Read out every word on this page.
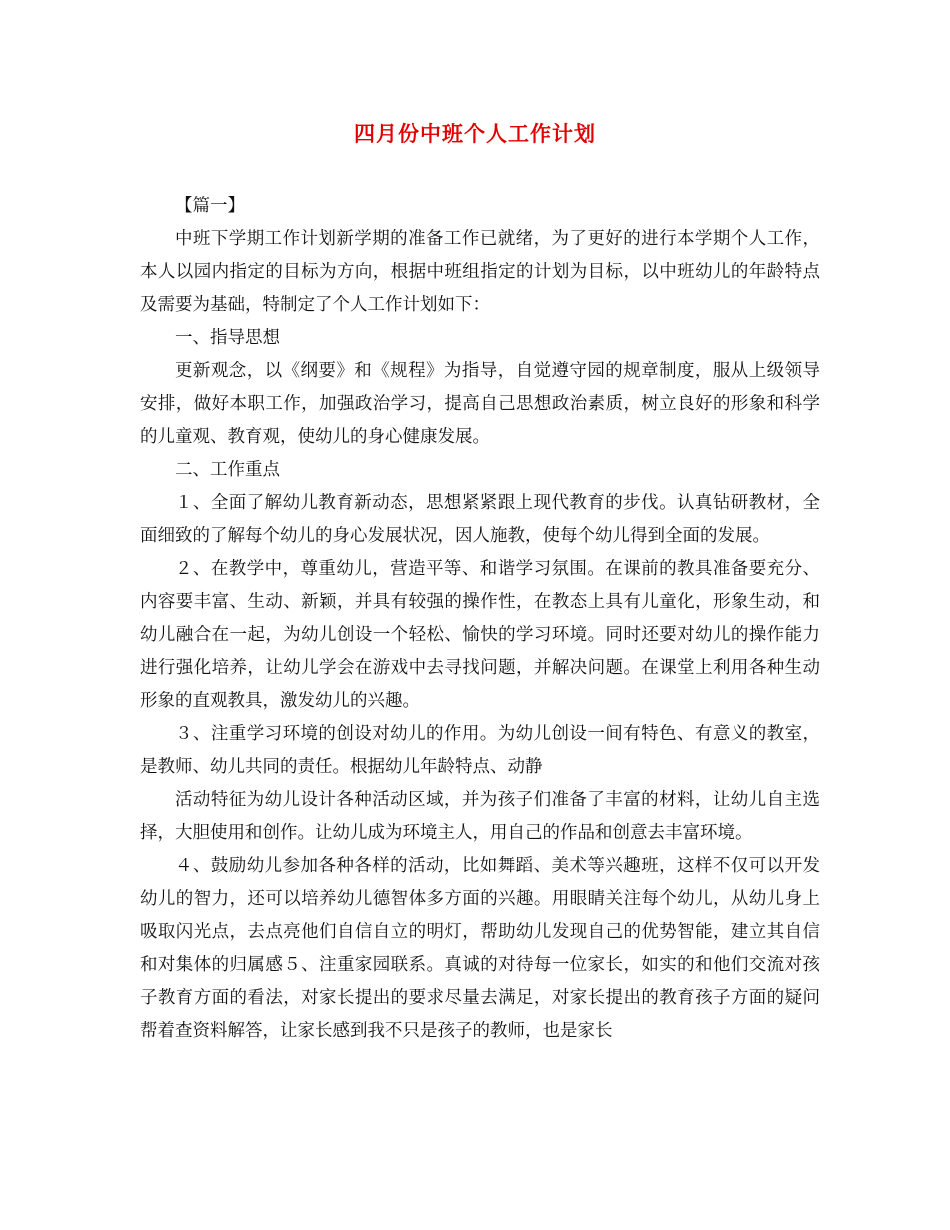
四月份中班个人工作计划

【篇一】

中班下学期工作计划新学期的准备工作已就绪，为了更好的进行本学期个人工作，本人以园内指定的目标为方向，根据中班组指定的计划为目标，以中班幼儿的年龄特点及需要为基础，特制定了个人工作计划如下：

一、指导思想

更新观念，以《纲要》和《规程》为指导，自觉遵守园的规章制度，服从上级领导安排，做好本职工作，加强政治学习，提高自己思想政治素质，树立良好的形象和科学的儿童观、教育观，使幼儿的身心健康发展。

二、工作重点

１、全面了解幼儿教育新动态，思想紧紧跟上现代教育的步伐。认真钻研教材，全面细致的了解每个幼儿的身心发展状况，因人施教，使每个幼儿得到全面的发展。

２、在教学中，尊重幼儿，营造平等、和谐学习氛围。在课前的教具准备要充分、内容要丰富、生动、新颖，并具有较强的操作性，在教态上具有儿童化，形象生动，和幼儿融合在一起，为幼儿创设一个轻松、愉快的学习环境。同时还要对幼儿的操作能力进行强化培养，让幼儿学会在游戏中去寻找问题，并解决问题。在课堂上利用各种生动形象的直观教具，激发幼儿的兴趣。

３、注重学习环境的创设对幼儿的作用。为幼儿创设一间有特色、有意义的教室，是教师、幼儿共同的责任。根据幼儿年龄特点、动静

活动特征为幼儿设计各种活动区域，并为孩子们准备了丰富的材料，让幼儿自主选择，大胆使用和创作。让幼儿成为环境主人，用自己的作品和创意去丰富环境。

４、鼓励幼儿参加各种各样的活动，比如舞蹈、美术等兴趣班，这样不仅可以开发幼儿的智力，还可以培养幼儿德智体多方面的兴趣。用眼睛关注每个幼儿，从幼儿身上吸取闪光点，去点亮他们自信自立的明灯，帮助幼儿发现自己的优势智能，建立其自信和对集体的归属感５、注重家园联系。真诚的对待每一位家长，如实的和他们交流对孩子教育方面的看法，对家长提出的要求尽量去满足，对家长提出的教育孩子方面的疑问帮着查资料解答，让家长感到我不只是孩子的教师，也是家长
